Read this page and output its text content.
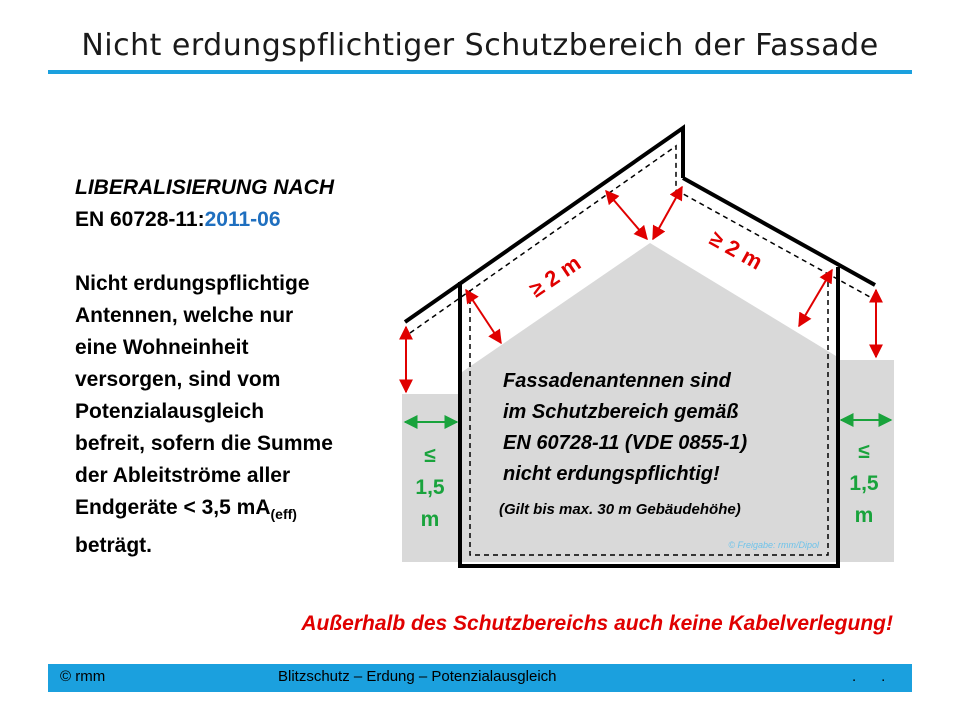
Nicht erdungspflichtiger Schutzbereich der Fassade
LIBERALISIERUNG NACH
EN 60728-11:2011-06
Nicht erdungspflichtige
Antennen, welche nur
eine Wohneinheit
versorgen, sind vom
Potenzialausgleich
befreit, sofern die Summe
der Ableitströme aller
Endgeräte < 3,5 $mA_{(eff)}$
beträgt.
≥ 2 m
≥ 2 m
≤
1,5
m
≤
1,5
m
Fassadenantennen sind
im Schutzbereich gemäß
EN 60728-11 (VDE 0855-1)
nicht erdungspflichtig!
(Gilt bis max. 30 m Gebäudehöhe)
© Freigabe: rmm/Dipol
Außerhalb des Schutzbereichs auch keine Kabelverlegung!
© rmm	Blitzschutz – Erdung – Potenzialausgleich	.      .
